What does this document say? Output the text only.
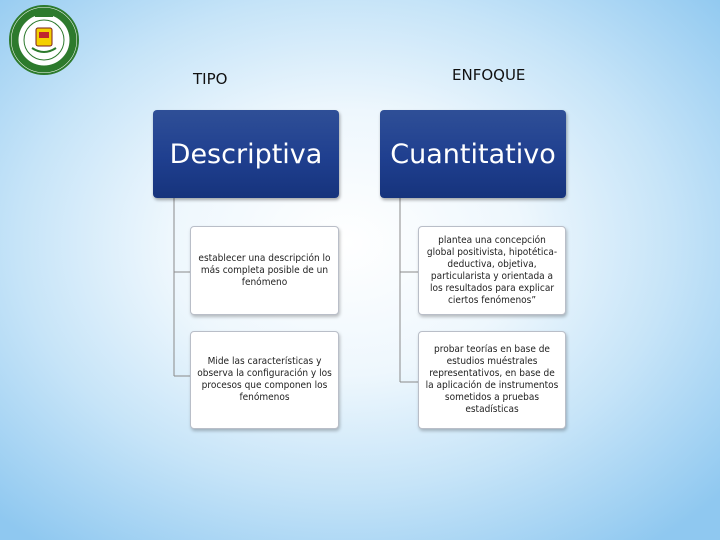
TIPO	ENFOQUE
Descriptiva	Cuantitativo
establecer una descripción lo más completa posible de un fenómeno
Mide las características y observa la configuración y los procesos que componen los fenómenos
plantea una concepción global positivista, hipotética-deductiva, objetiva, particularista y orientada a los resultados para explicar ciertos fenómenos”
probar teorías en base de estudios muéstrales representativos, en base de la aplicación de instrumentos sometidos a pruebas estadísticas
